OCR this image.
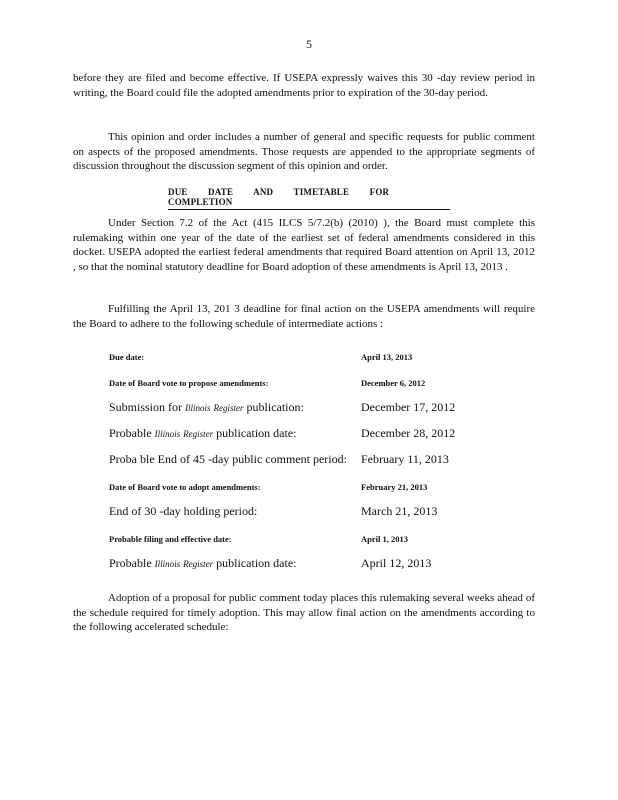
5
before they are filed and become effective. If USEPA expressly waives this 30 -day review period in writing, the Board could file the adopted amendments prior to expiration of the 30-day period.
This opinion and order includes a number of general and specific requests for public comment on aspects of the proposed amendments. Those requests are appended to the appropriate segments of discussion throughout the discussion segment of this opinion and order.
DUE DATE AND TIMETABLE FOR COMPLETION
Under Section 7.2 of the Act (415 ILCS 5/7.2(b) (2010) ), the Board must complete this rulemaking within one year of the date of the earliest set of federal amendments considered in this docket. USEPA adopted the earliest federal amendments that required Board attention on April 13, 2012 , so that the nominal statutory deadline for Board adoption of these amendments is April 13, 2013 .
Fulfilling the April 13, 201 3 deadline for final action on the USEPA amendments will require the Board to adhere to the following schedule of intermediate actions :
Due date:	April 13, 2013
Date of Board vote to propose amendments:	December 6, 2012
Submission for Illinois Register publication:	December 17, 2012
Probable Illinois Register publication date:	December 28, 2012
Proba ble End of 45 -day public comment period: February 11, 2013
Date of Board vote to adopt amendments:	February 21, 2013
End of 30 -day holding period:	March 21, 2013
Probable filing and effective date:	April 1, 2013
Probable Illinois Register publication date:	April 12, 2013
Adoption of a proposal for public comment today places this rulemaking several weeks ahead of the schedule required for timely adoption. This may allow final action on the amendments according to the following accelerated schedule:
